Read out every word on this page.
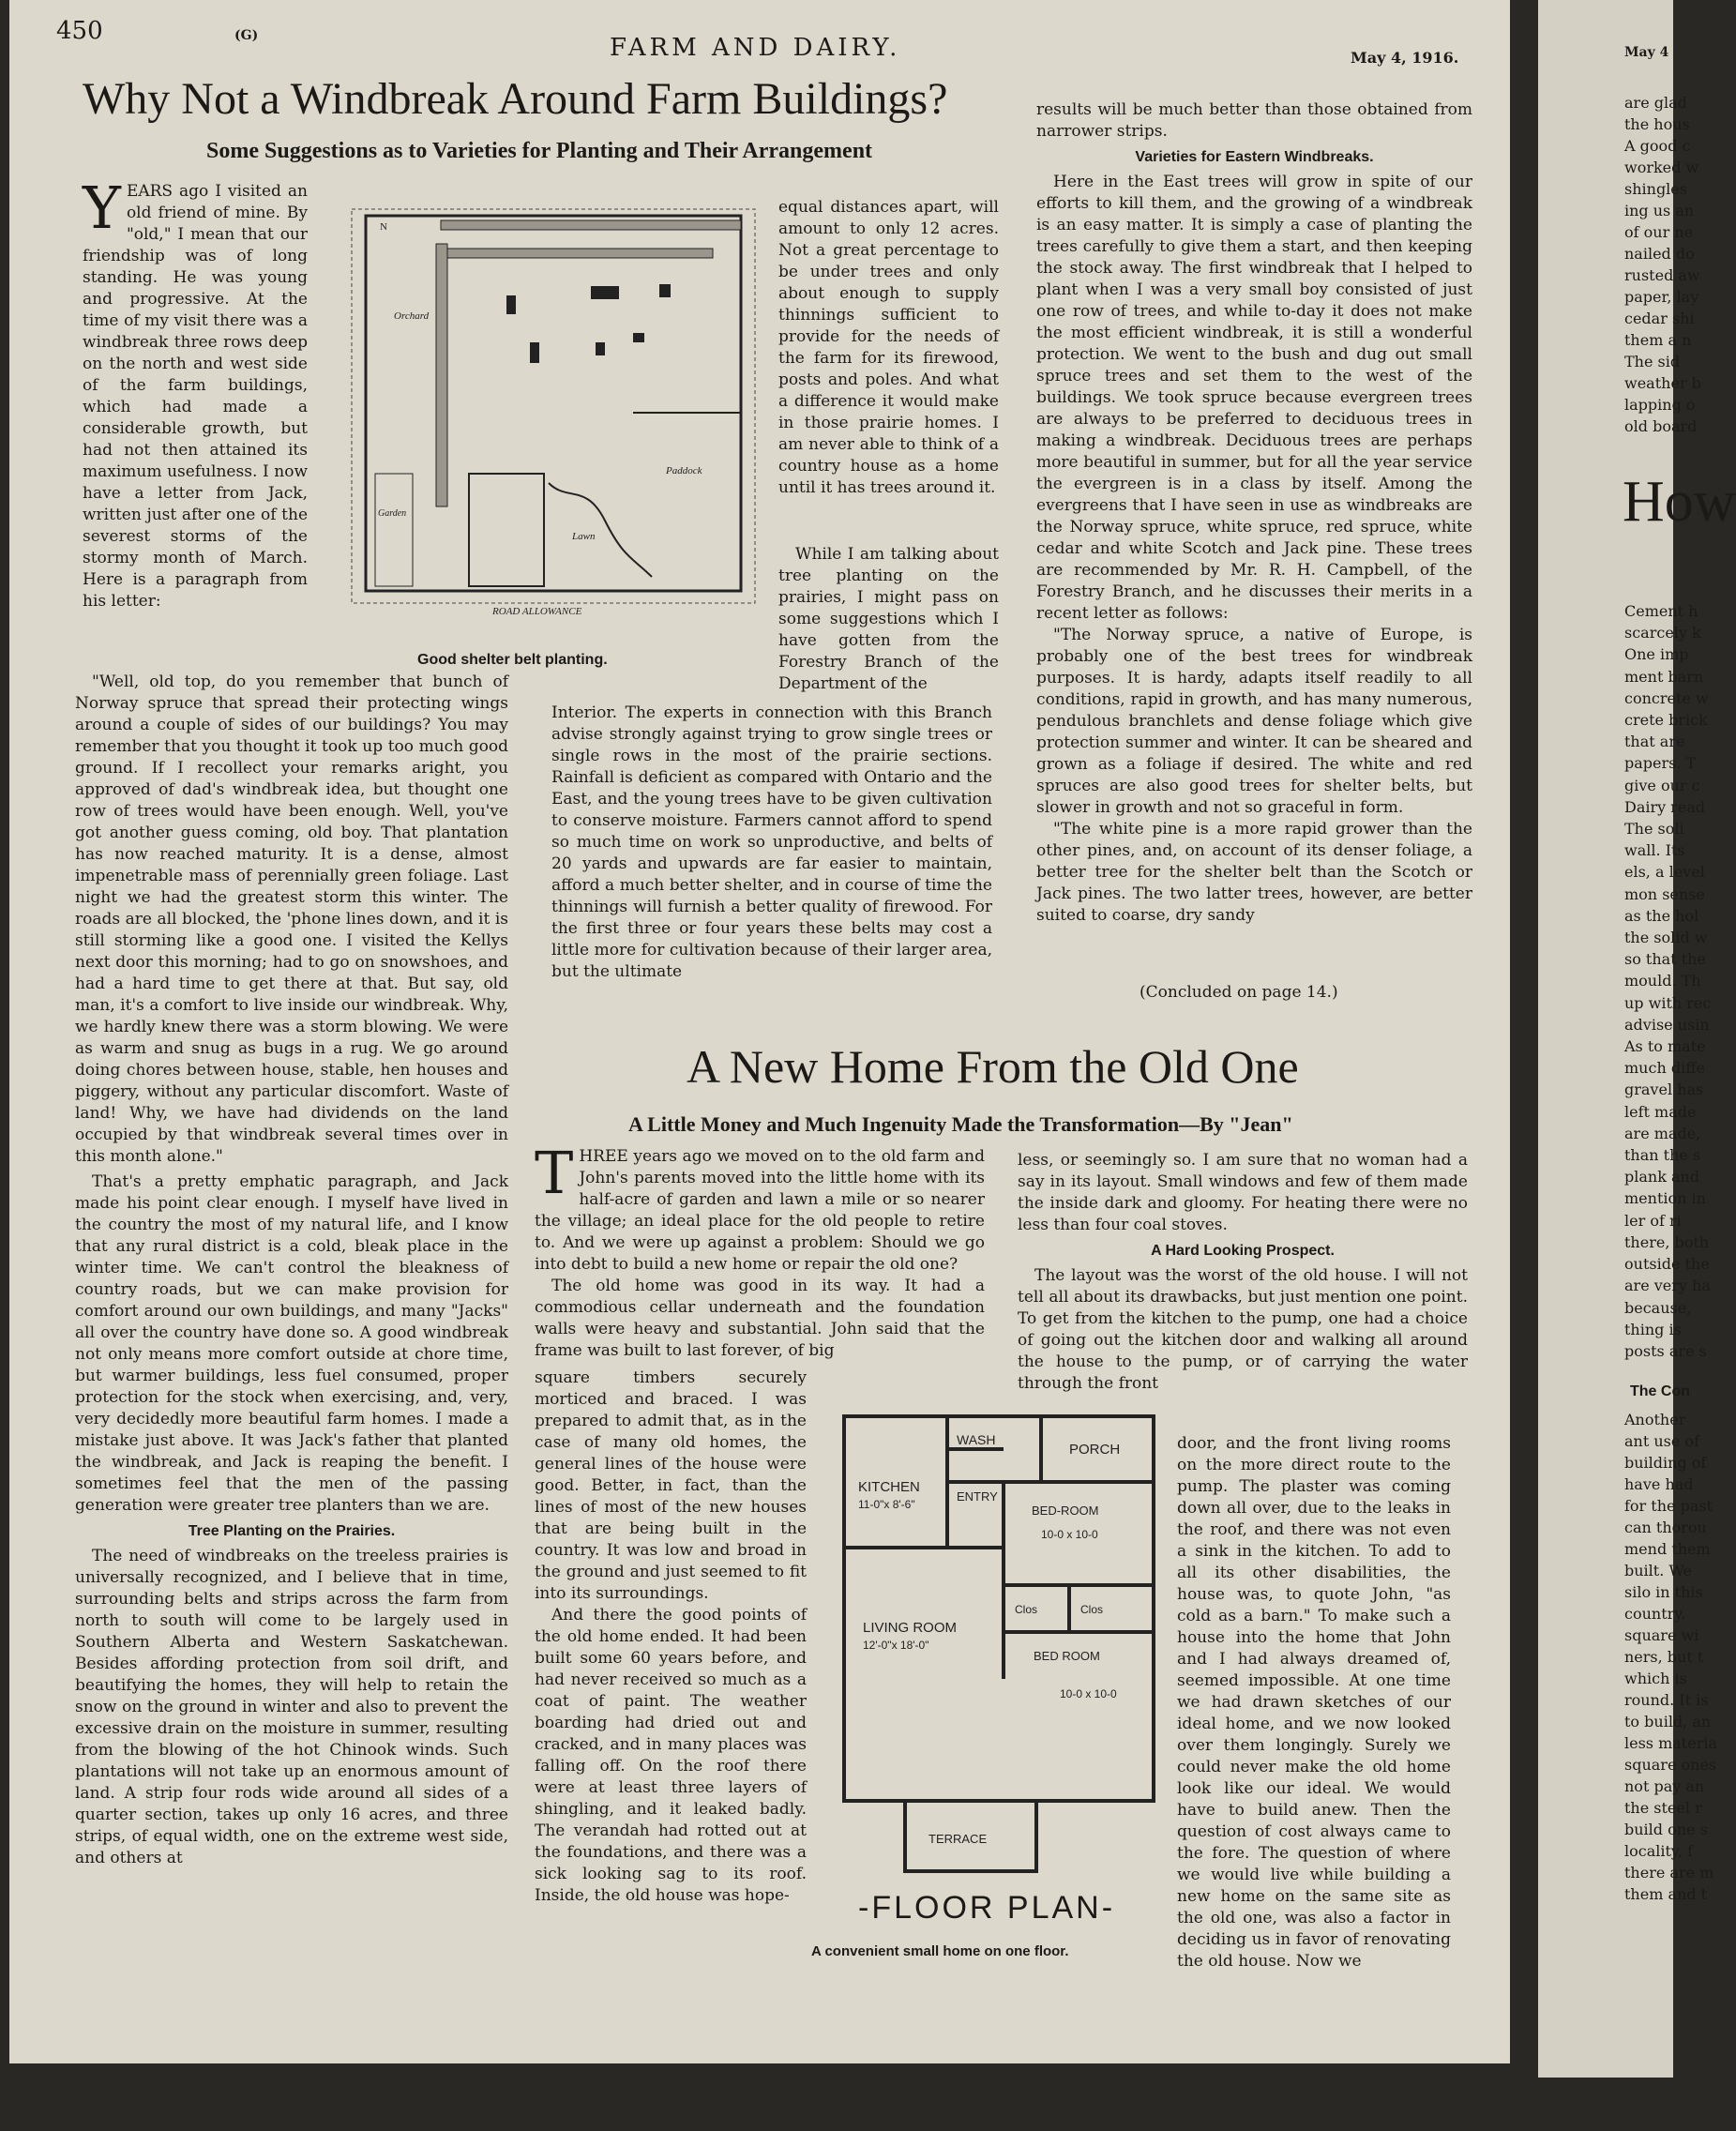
450	(G)	FARM AND DAIRY.	May 4, 1916.
Why Not a Windbreak Around Farm Buildings?
Some Suggestions as to Varieties for Planting and Their Arrangement

YEARS ago I visited an old friend of mine. By "old," I mean that our friendship was of long standing. He was young and progressive. At the time of my visit there was a windbreak three rows deep on the north and west side of the farm buildings, which had made a considerable growth, but had not then attained its maximum usefulness. I now have a letter from Jack, written just after one of the severest storms of the stormy month of March. Here is a paragraph from his letter:

"Well, old top, do you remember that bunch of Norway spruce that spread their protecting wings around a couple of sides of our buildings? You may remember that you thought it took up too much good ground. If I recollect your remarks aright, you approved of dad's windbreak idea, but thought one row of trees would have been enough. Well, you've got another guess coming, old boy. That plantation has now reached maturity. It is a dense, almost impenetrable mass of perennially green foliage. Last night we had the greatest storm this winter. The roads are all blocked, the 'phone lines down, and it is still storming like a good one. I visited the Kellys next door this morning; had to go on snowshoes, and had a hard time to get there at that. But say, old man, it's a comfort to live inside our windbreak. Why, we hardly knew there was a storm blowing. We were as warm and snug as bugs in a rug. We go around doing chores between house, stable, hen houses and piggery, without any particular discomfort. Waste of land! Why, we have had dividends on the land occupied by that windbreak several times over in this month alone."

That's a pretty emphatic paragraph, and Jack made his point clear enough. I myself have lived in the country the most of my natural life, and I know that any rural district is a cold, bleak place in the winter time. We can't control the bleakness of country roads, but we can make provision for comfort around our own buildings, and many "Jacks" all over the country have done so. A good windbreak not only means more comfort outside at chore time, but warmer buildings, less fuel consumed, proper protection for the stock when exercising, and, very, very decidedly more beautiful farm homes. I made a mistake just above. It was Jack's father that planted the windbreak, and Jack is reaping the benefit. I sometimes feel that the men of the passing generation were greater tree planters than we are.

Tree Planting on the Prairies.

The need of windbreaks on the treeless prairies is universally recognized, and I believe that in time, surrounding belts and strips across the farm from north to south will come to be largely used in Southern Alberta and Western Saskatchewan. Besides affording protection from soil drift, and beautifying the homes, they will help to retain the snow on the ground in winter and also to prevent the excessive drain on the moisture in summer, resulting from the blowing of the hot Chinook winds. Such plantations will not take up an enormous amount of land. A strip four rods wide around all sides of a quarter section, takes up only 16 acres, and three strips, of equal width, one on the extreme west side, and others at

ROAD ALLOWANCE
Paddock
Lawn
Orchard
Garden
N
Good shelter belt planting.

equal distances apart, will amount to only 12 acres. Not a great percentage to be under trees and only about enough to supply thinnings sufficient to provide for the needs of the farm for its firewood, posts and poles. And what a difference it would make in those prairie homes. I am never able to think of a country house as a home until it has trees around it.

While I am talking about tree planting on the prairies, I might pass on some suggestions which I have gotten from the Forestry Branch of the Department of the

Interior. The experts in connection with this Branch advise strongly against trying to grow single trees or single rows in the most of the prairie sections. Rainfall is deficient as compared with Ontario and the East, and the young trees have to be given cultivation to conserve moisture. Farmers cannot afford to spend so much time on work so unproductive, and belts of 20 yards and upwards are far easier to maintain, afford a much better shelter, and in course of time the thinnings will furnish a better quality of firewood. For the first three or four years these belts may cost a little more for cultivation because of their larger area, but the ultimate

results will be much better than those obtained from narrower strips.

Varieties for Eastern Windbreaks.

Here in the East trees will grow in spite of our efforts to kill them, and the growing of a windbreak is an easy matter. It is simply a case of planting the trees carefully to give them a start, and then keeping the stock away. The first windbreak that I helped to plant when I was a very small boy consisted of just one row of trees, and while to-day it does not make the most efficient windbreak, it is still a wonderful protection. We went to the bush and dug out small spruce trees and set them to the west of the buildings. We took spruce because evergreen trees are always to be preferred to deciduous trees in making a windbreak. Deciduous trees are perhaps more beautiful in summer, but for all the year service the evergreen is in a class by itself. Among the evergreens that I have seen in use as windbreaks are the Norway spruce, white spruce, red spruce, white cedar and white Scotch and Jack pine. These trees are recommended by Mr. R. H. Campbell, of the Forestry Branch, and he discusses their merits in a recent letter as follows:

"The Norway spruce, a native of Europe, is probably one of the best trees for windbreak purposes. It is hardy, adapts itself readily to all conditions, rapid in growth, and has many numerous, pendulous branchlets and dense foliage which give protection summer and winter. It can be sheared and grown as a foliage if desired. The white and red spruces are also good trees for shelter belts, but slower in growth and not so graceful in form.

"The white pine is a more rapid grower than the other pines, and, on account of its denser foliage, a better tree for the shelter belt than the Scotch or Jack pines. The two latter trees, however, are better suited to coarse, dry sandy

(Concluded on page 14.)
A New Home From the Old One
A Little Money and Much Ingenuity Made the Transformation—By "Jean"

THREE years ago we moved on to the old farm and John's parents moved into the little home with its half-acre of garden and lawn a mile or so nearer the village; an ideal place for the old people to retire to. And we were up against a problem: Should we go into debt to build a new home or repair the old one?

The old home was good in its way. It had a commodious cellar underneath and the foundation walls were heavy and substantial. John said that the frame was built to last forever, of big

square timbers securely morticed and braced. I was prepared to admit that, as in the case of many old homes, the general lines of the house were good. Better, in fact, than the lines of most of the new houses that are being built in the country. It was low and broad in the ground and just seemed to fit into its surroundings.

And there the good points of the old home ended. It had been built some 60 years before, and had never received so much as a coat of paint. The weather boarding had dried out and cracked, and in many places was falling off. On the roof there were at least three layers of shingling, and it leaked badly. The verandah had rotted out at the foundations, and there was a sick looking sag to its roof. Inside, the old house was hope-

WASH
PORCH
KITCHEN
11-0"x 8'-6"
ENTRY
BED-ROOM
10-0 x 10-0
LIVING ROOM
12'-0"x 18'-0"
Clos	Clos
BED ROOM
10-0 x 10-0
TERRACE
-FLOOR PLAN-
A convenient small home on one floor.

less, or seemingly so. I am sure that no woman had a say in its layout. Small windows and few of them made the inside dark and gloomy. For heating there were no less than four coal stoves.

A Hard Looking Prospect.

The layout was the worst of the old house. I will not tell all about its drawbacks, but just mention one point. To get from the kitchen to the pump, one had a choice of going out the kitchen door and walking all around the house to the pump, or of carrying the water through the front

door, and the front living rooms on the more direct route to the pump. The plaster was coming down all over, due to the leaks in the roof, and there was not even a sink in the kitchen. To add to all its other disabilities, the house was, to quote John, "as cold as a barn." To make such a house into the home that John and I had always dreamed of, seemed impossible. At one time we had drawn sketches of our ideal home, and we now looked over them longingly. Surely we could never make the old home look like our ideal. We would have to build anew. Then the question of cost always came to the fore. The question of where we would live while building a new home on the same site as the old one, was also a factor in deciding us in favor of renovating the old house. Now we

May 4

are glad

the hous

A good c

worked w

shingles

ing us an

of our ne

nailed do

rusted aw

paper, lay

cedar shi

them a n

The sid

weather b

lapping o

old board

How

Cement h

scarcely k

One imp

ment barn

concrete w

crete brick

that are

papers. T

give our c

Dairy read

The soli

wall. Its

els, a level

mon sense

as the hol

the solid w

so that the

mould. Th

up with rec

advise usin

As to mate

much diffe

gravel has

left made

are made,

than the s

plank and

mention in

ler of ri

there, both

outside the

are very ha

because,

thing is

posts are s

The Con

Another

ant use of

building of

have had

for the past

can thorou

mend them

built. We

silo in this

country.

square wi

ners, but t

which is

round. It is

to build, an

less materia

square ones

not pay an

the steel r

build one s

locality, f

there are m

them and t
